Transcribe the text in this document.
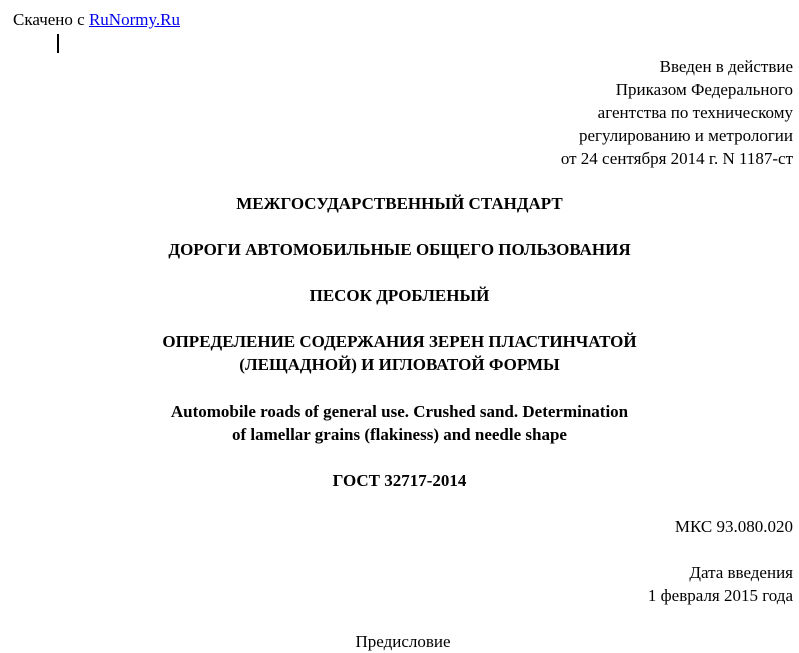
Скачено с RuNormy.Ru
Введен в действие
Приказом Федерального
агентства по техническому
регулированию и метрологии
от 24 сентября 2014 г. N 1187-ст
МЕЖГОСУДАРСТВЕННЫЙ СТАНДАРТ
ДОРОГИ АВТОМОБИЛЬНЫЕ ОБЩЕГО ПОЛЬЗОВАНИЯ
ПЕСОК ДРОБЛЕНЫЙ
ОПРЕДЕЛЕНИЕ СОДЕРЖАНИЯ ЗЕРЕН ПЛАСТИНЧАТОЙ
(ЛЕЩАДНОЙ) И ИГЛОВАТОЙ ФОРМЫ
Automobile roads of general use. Crushed sand. Determination
of lamellar grains (flakiness) and needle shape
ГОСТ 32717-2014
МКС 93.080.020
Дата введения
1 февраля 2015 года
Предисловие
